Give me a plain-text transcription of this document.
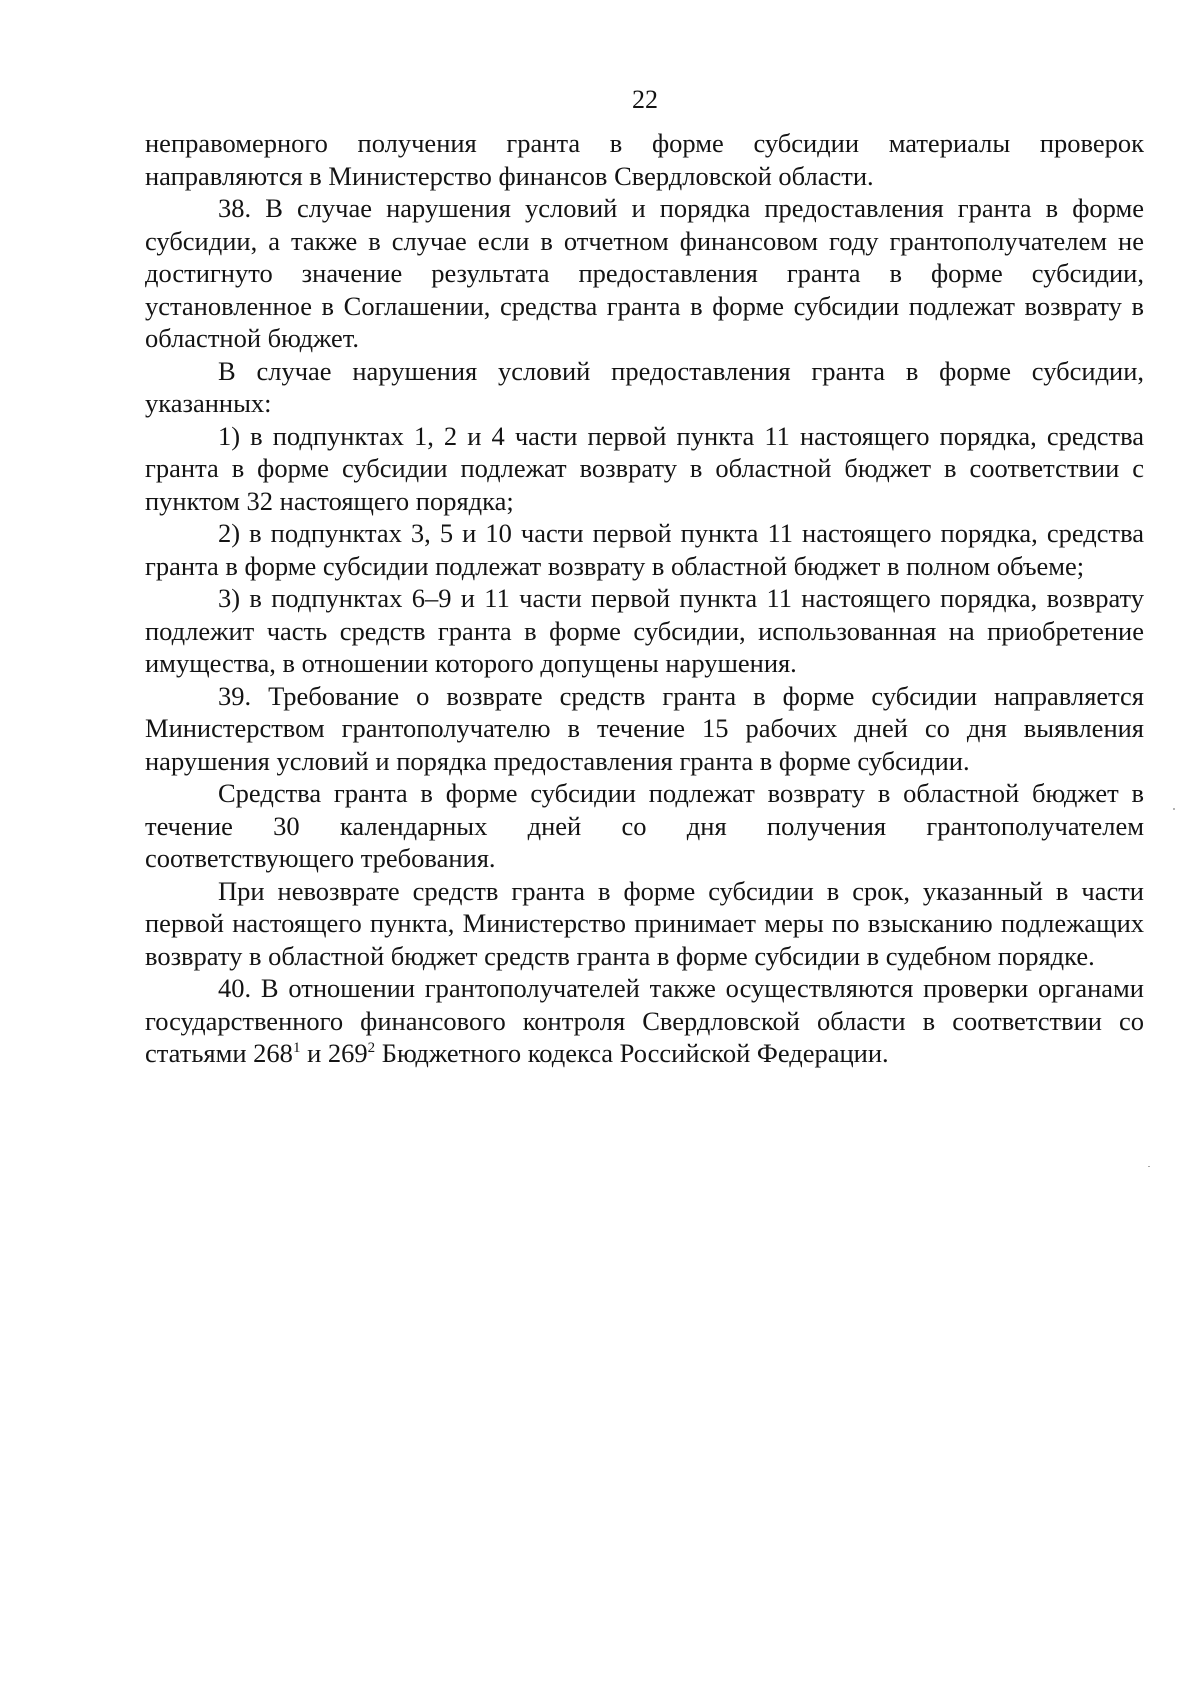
22

неправомерного получения гранта в форме субсидии материалы проверок направляются в Министерство финансов Свердловской области.

38. В случае нарушения условий и порядка предоставления гранта в форме субсидии, а также в случае если в отчетном финансовом году грантополучателем не достигнуто значение результата предоставления гранта в форме субсидии, установленное в Соглашении, средства гранта в форме субсидии подлежат возврату в областной бюджет.

В случае нарушения условий предоставления гранта в форме субсидии, указанных:

1) в подпунктах 1, 2 и 4 части первой пункта 11 настоящего порядка, средства гранта в форме субсидии подлежат возврату в областной бюджет в соответствии с пунктом 32 настоящего порядка;

2) в подпунктах 3, 5 и 10 части первой пункта 11 настоящего порядка, средства гранта в форме субсидии подлежат возврату в областной бюджет в полном объеме;

3) в подпунктах 6–9 и 11 части первой пункта 11 настоящего порядка, возврату подлежит часть средств гранта в форме субсидии, использованная на приобретение имущества, в отношении которого допущены нарушения.

39. Требование о возврате средств гранта в форме субсидии направляется Министерством грантополучателю в течение 15 рабочих дней со дня выявления нарушения условий и порядка предоставления гранта в форме субсидии.

Средства гранта в форме субсидии подлежат возврату в областной бюджет в

течение 30 календарных дней со дня получения грантополучателем

соответствующего требования.

При невозврате средств гранта в форме субсидии в срок, указанный в части первой настоящего пункта, Министерство принимает меры по взысканию подлежащих возврату в областной бюджет средств гранта в форме субсидии в судебном порядке.

40. В отношении грантополучателей также осуществляются проверки органами государственного финансового контроля Свердловской области в соответствии со статьями $268^1$ и $269^2$ Бюджетного кодекса Российской Федерации.
